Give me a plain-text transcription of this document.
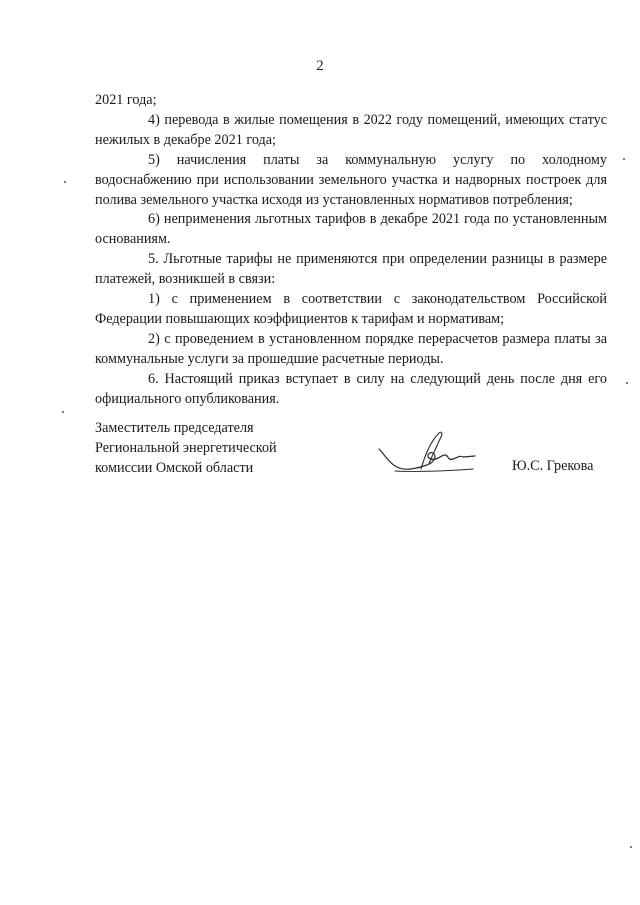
2

2021 года;

4) перевода в жилые помещения в 2022 году помещений, имеющих статус нежилых в декабре 2021 года;

5) начисления платы за коммунальную услугу по холодному водоснабжению при использовании земельного участка и надворных построек для полива земельного участка исходя из установленных нормативов потребления;

6) неприменения льготных тарифов в декабре 2021 года по установленным основаниям.

5. Льготные тарифы не применяются при определении разницы в размере платежей, возникшей в связи:

1) с применением в соответствии с законодательством Российской Федерации повышающих коэффициентов к тарифам и нормативам;

2) с проведением в установленном порядке перерасчетов размера платы за коммунальные услуги за прошедшие расчетные периоды.

6. Настоящий приказ вступает в силу на следующий день после дня его официального опубликования.

Заместитель председателя
Региональной энергетической
комиссии Омской области	Ю.С. Грекова
